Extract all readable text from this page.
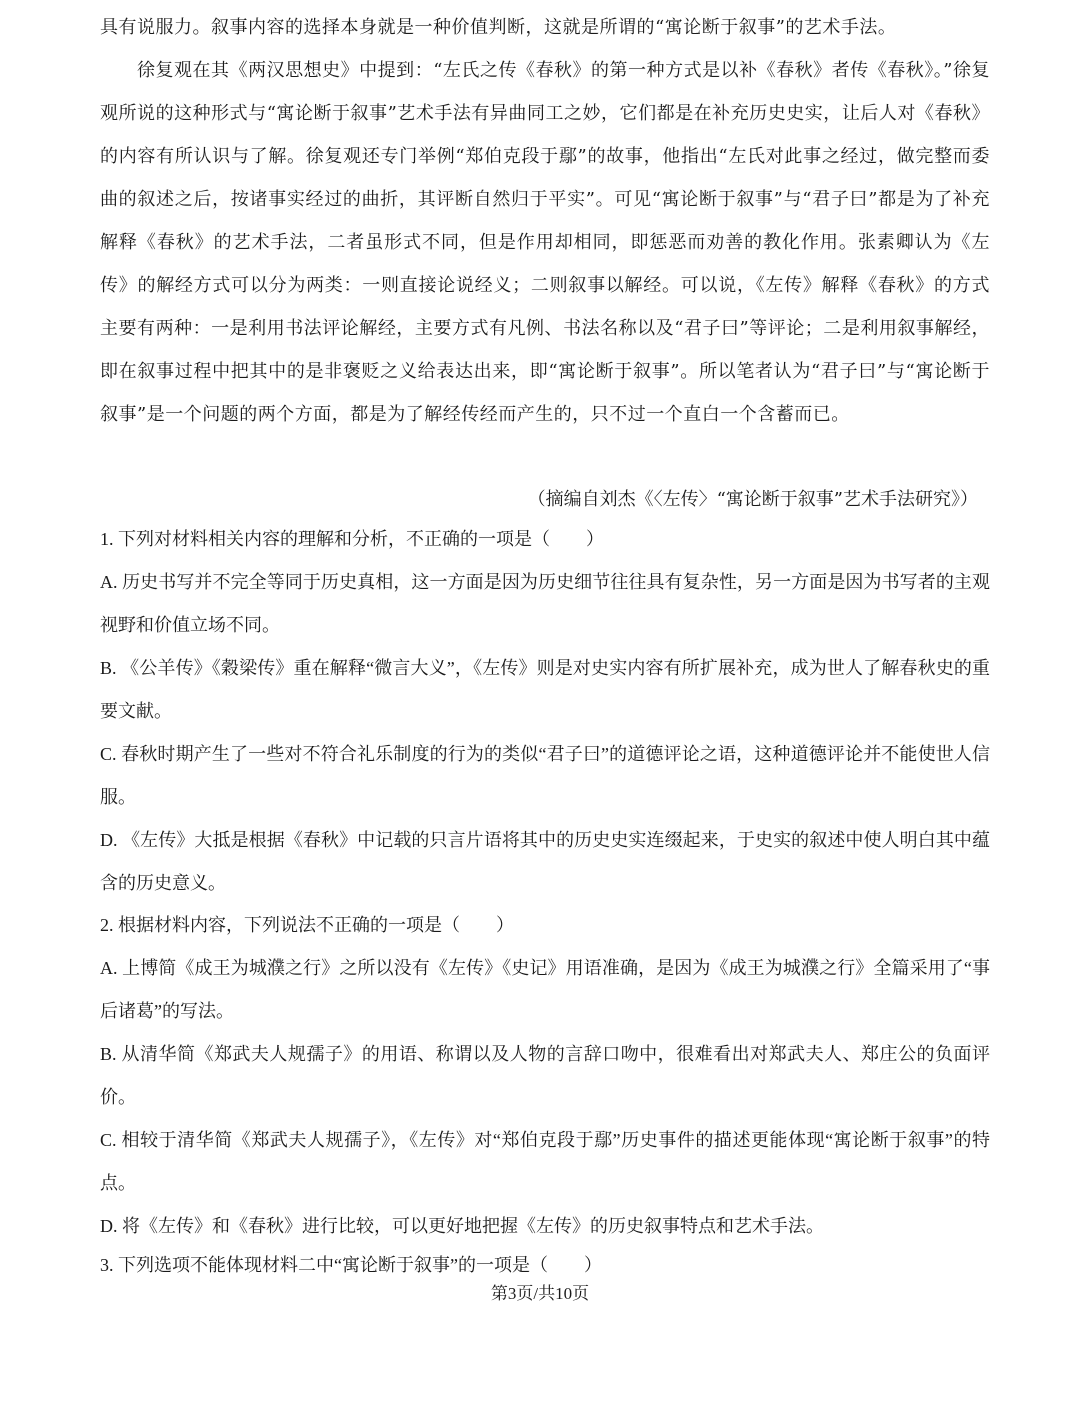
具有说服力。叙事内容的选择本身就是一种价值判断，这就是所谓的“寓论断于叙事”的艺术手法。

徐复观在其《两汉思想史》中提到：“左氏之传《春秋》的第一种方式是以补《春秋》者传《春秋》。”徐复观所说的这种形式与“寓论断于叙事”艺术手法有异曲同工之妙，它们都是在补充历史史实，让后人对《春秋》的内容有所认识与了解。徐复观还专门举例“郑伯克段于鄢”的故事，他指出“左氏对此事之经过，做完整而委曲的叙述之后，按诸事实经过的曲折，其评断自然归于平实”。可见“寓论断于叙事”与“君子曰”都是为了补充解释《春秋》的艺术手法，二者虽形式不同，但是作用却相同，即惩恶而劝善的教化作用。张素卿认为《左传》的解经方式可以分为两类：一则直接论说经义；二则叙事以解经。可以说，《左传》解释《春秋》的方式主要有两种：一是利用书法评论解经，主要方式有凡例、书法名称以及“君子曰”等评论；二是利用叙事解经，即在叙事过程中把其中的是非褒贬之义给表达出来，即“寓论断于叙事”。所以笔者认为“君子曰”与“寓论断于叙事”是一个问题的两个方面，都是为了解经传经而产生的，只不过一个直白一个含蓄而已。

（摘编自刘杰《〈左传〉“寓论断于叙事”艺术手法研究》）

1. 下列对材料相关内容的理解和分析，不正确的一项是（　　）

A. 历史书写并不完全等同于历史真相，这一方面是因为历史细节往往具有复杂性，另一方面是因为书写者的主观视野和价值立场不同。

B. 《公羊传》《穀梁传》重在解释“微言大义”，《左传》则是对史实内容有所扩展补充，成为世人了解春秋史的重要文献。

C. 春秋时期产生了一些对不符合礼乐制度的行为的类似“君子曰”的道德评论之语，这种道德评论并不能使世人信服。

D. 《左传》大抵是根据《春秋》中记载的只言片语将其中的历史史实连缀起来，于史实的叙述中使人明白其中蕴含的历史意义。

2. 根据材料内容，下列说法不正确的一项是（　　）

A. 上博简《成王为城濮之行》之所以没有《左传》《史记》用语准确，是因为《成王为城濮之行》全篇采用了“事后诸葛”的写法。

B. 从清华简《郑武夫人规孺子》的用语、称谓以及人物的言辞口吻中，很难看出对郑武夫人、郑庄公的负面评价。

C. 相较于清华简《郑武夫人规孺子》，《左传》对“郑伯克段于鄢”历史事件的描述更能体现“寓论断于叙事”的特点。

D. 将《左传》和《春秋》进行比较，可以更好地把握《左传》的历史叙事特点和艺术手法。

3. 下列选项不能体现材料二中“寓论断于叙事”的一项是（　　）

第3页/共10页
